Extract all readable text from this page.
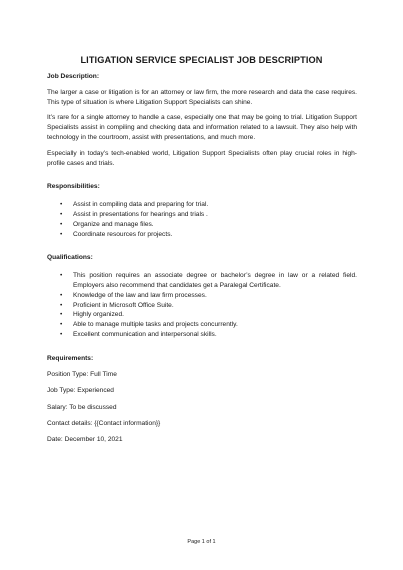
LITIGATION SERVICE SPECIALIST JOB DESCRIPTION
Job Description:

The larger a case or litigation is for an attorney or law firm, the more research and data the case requires. This type of situation is where Litigation Support Specialists can shine.

It’s rare for a single attorney to handle a case, especially one that may be going to trial. Litigation Support Specialists assist in compiling and checking data and information related to a lawsuit. They also help with technology in the courtroom, assist with presentations, and much more.

Especially in today’s tech-enabled world, Litigation Support Specialists often play crucial roles in high-profile cases and trials.

Responsibilities:
• Assist in compiling data and preparing for trial.
• Assist in presentations for hearings and trials .
• Organize and manage files.
• Coordinate resources for projects.
Qualifications:
• This position requires an associate degree or bachelor’s degree in law or a related field. Employers also recommend that candidates get a Paralegal Certificate.
• Knowledge of the law and law firm processes.
• Proficient in Microsoft Office Suite.
• Highly organized.
• Able to manage multiple tasks and projects concurrently.
• Excellent communication and interpersonal skills.
Requirements:
Position Type: Full Time
Job Type: Experienced
Salary: To be discussed
Contact details: {{Contact information}}
Date: December 10, 2021
Page 1 of 1
